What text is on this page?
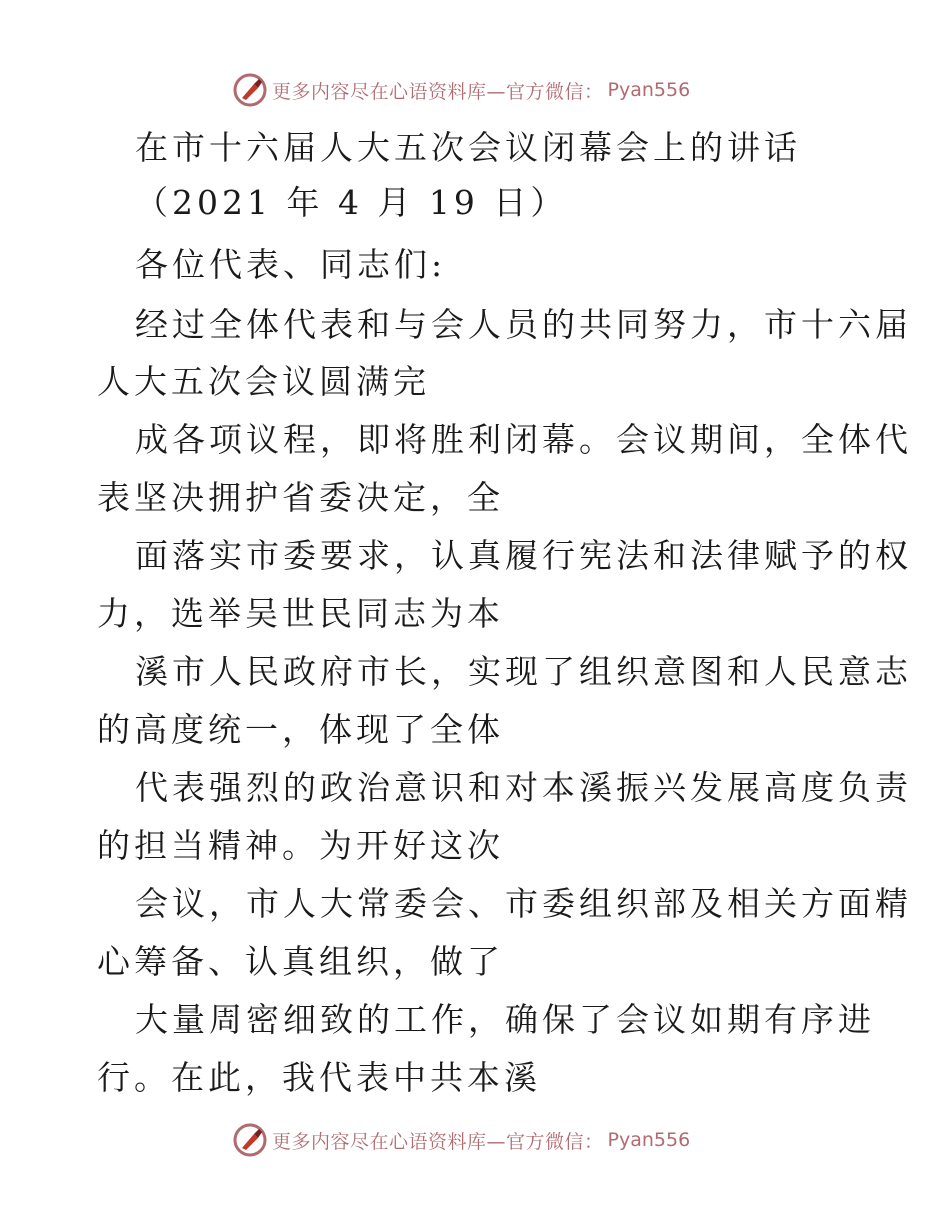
更多内容尽在心语资料库—官方微信： Pyan556
在市十六届人大五次会议闭幕会上的讲话
（2021 年 4 月 19 日）
各位代表、同志们:
经过全体代表和与会人员的共同努力，市十六届
人大五次会议圆满完
成各项议程，即将胜利闭幕。会议期间，全体代
表坚决拥护省委决定，全
面落实市委要求，认真履行宪法和法律赋予的权
力，选举吴世民同志为本
溪市人民政府市长，实现了组织意图和人民意志
的高度统一，体现了全体
代表强烈的政治意识和对本溪振兴发展高度负责
的担当精神。为开好这次
会议，市人大常委会、市委组织部及相关方面精
心筹备、认真组织，做了
大量周密细致的工作，确保了会议如期有序进
行。在此，我代表中共本溪
更多内容尽在心语资料库—官方微信： Pyan556
